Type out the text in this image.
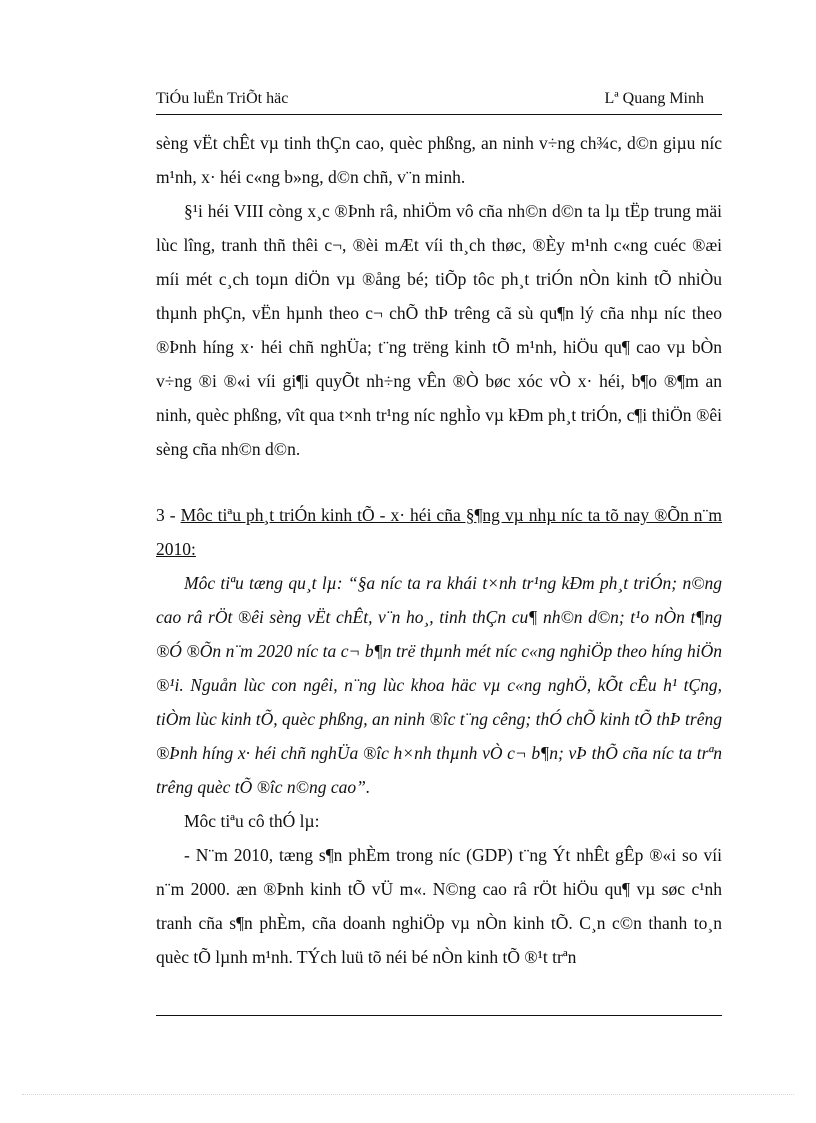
TiÓu luËn TriÕt häc	Lª Quang Minh

sèng vËt chÊt vµ tinh thÇn cao, quèc phßng, an ninh v÷ng ch¾c, d©n giµu níc m¹nh, x· héi c«ng b»ng, d©n chñ, v¨n minh.

§¹i héi VIII còng x¸c ®Þnh râ, nhiÖm vô cña nh©n d©n ta lµ tËp trung mäi lùc lîng, tranh thñ thêi c¬, ®èi mÆt víi th¸ch thøc, ®Èy m¹nh c«ng cuéc ®æi míi mét c¸ch toµn diÖn vµ ®ång bé; tiÕp tôc ph¸t triÓn nÒn kinh tÕ nhiÒu thµnh phÇn, vËn hµnh theo c¬ chÕ thÞ trêng cã sù qu¶n lý cña nhµ níc theo ®Þnh híng x· héi chñ nghÜa; t¨ng trëng kinh tÕ m¹nh, hiÖu qu¶ cao vµ bÒn v÷ng ®i ®«i víi gi¶i quyÕt nh÷ng vÊn ®Ò bøc xóc vÒ x· héi, b¶o ®¶m an ninh, quèc phßng, vît qua t×nh tr¹ng níc nghÌo vµ kÐm ph¸t triÓn, c¶i thiÖn ®êi sèng cña nh©n d©n.

3 - Môc tiªu ph¸t triÓn kinh tÕ - x· héi cña §¶ng vµ nhµ níc ta tõ nay ®Õn n¨m 2010:

Môc tiªu tæng qu¸t lµ: “§a níc ta ra khái t×nh tr¹ng kÐm ph¸t triÓn; n©ng cao râ rÖt ®êi sèng vËt chÊt, v¨n ho¸, tinh thÇn cu¶ nh©n d©n; t¹o nÒn t¶ng ®Ó ®Õn n¨m 2020 níc ta c¬ b¶n trë thµnh mét níc c«ng nghiÖp theo híng hiÖn ®¹i. Nguån lùc con ngêi, n¨ng lùc khoa häc vµ c«ng nghÖ, kÕt cÊu h¹ tÇng, tiÒm lùc kinh tÕ, quèc phßng, an ninh ®îc t¨ng cêng; thÓ chÕ kinh tÕ thÞ trêng ®Þnh híng x· héi chñ nghÜa ®îc h×nh thµnh vÒ c¬ b¶n; vÞ thÕ cña níc ta trªn trêng quèc tÕ ®îc n©ng cao”.

Môc tiªu cô thÓ lµ:

- N¨m 2010, tæng s¶n phÈm trong níc (GDP) t¨ng Ýt nhÊt gÊp ®«i so víi n¨m 2000. æn ®Þnh kinh tÕ vÜ m«. N©ng cao râ rÖt hiÖu qu¶ vµ søc c¹nh tranh cña s¶n phÈm, cña doanh nghiÖp vµ nÒn kinh tÕ. C¸n c©n thanh to¸n quèc tÕ lµnh m¹nh. TÝch luü tõ néi bé nÒn kinh tÕ ®¹t trªn
